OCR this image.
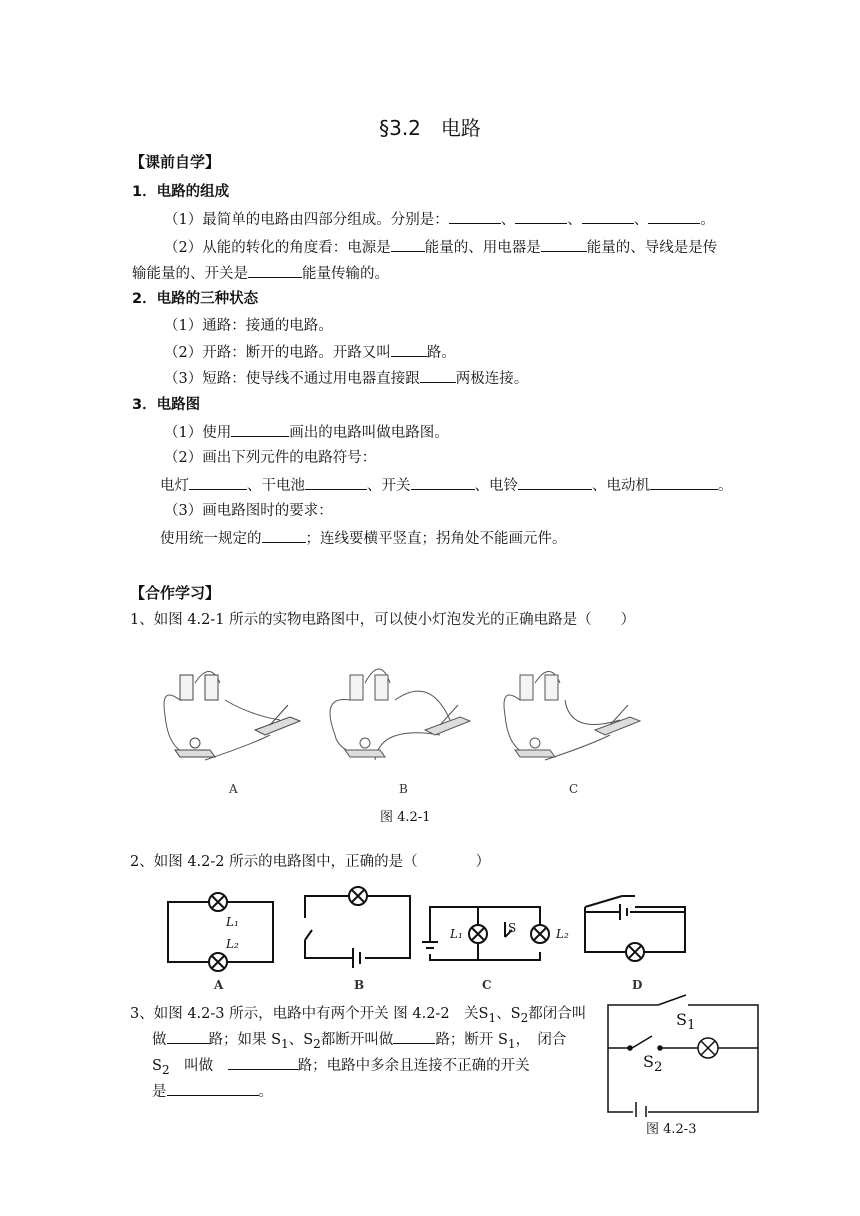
§3.2　电路
【课前自学】
1．电路的组成
（1）最简单的电路由四部分组成。分别是：	、	、	、	。
（2）从能的转化的角度看：电源是 能量的、用电器是	能量的、导线是是传
输能量的、开关是	能量传输的。
2．电路的三种状态
（1）通路：接通的电路。
（2）开路：断开的电路。开路又叫 路。
（3）短路：使导线不通过用电器直接跟 两极连接。
3．电路图
（1）使用	画出的电路叫做电路图。
（2）画出下列元件的电路符号：
电灯	、干电池	、开关	、电铃	、电动机	。
（3）画电路图时的要求：
使用统一规定的	；连线要横平竖直；拐角处不能画元件。
【合作学习】
1、如图 4.2-1 所示的实物电路图中，可以使小灯泡发光的正确电路是（　　）
A	B	C
图 4.2-1
2、如图 4.2-2 所示的电路图中，正确的是（　　　　）
L₁
L₂
L₁	S	L₂
A	B	C	D
3、如图 4.2-3 所示，电路中有两个开关 图 4.2-2　 关$S_1$、$S_2$都闭合叫
做	路；如果 $S_1$、$S_2$都断开叫做	路；断开 $S_1$，　闭合
$S_2$　 叫做　	路；电路中多余且连接不正确的开关
是	。
$S_1$
$S_2$
图 4.2-3
